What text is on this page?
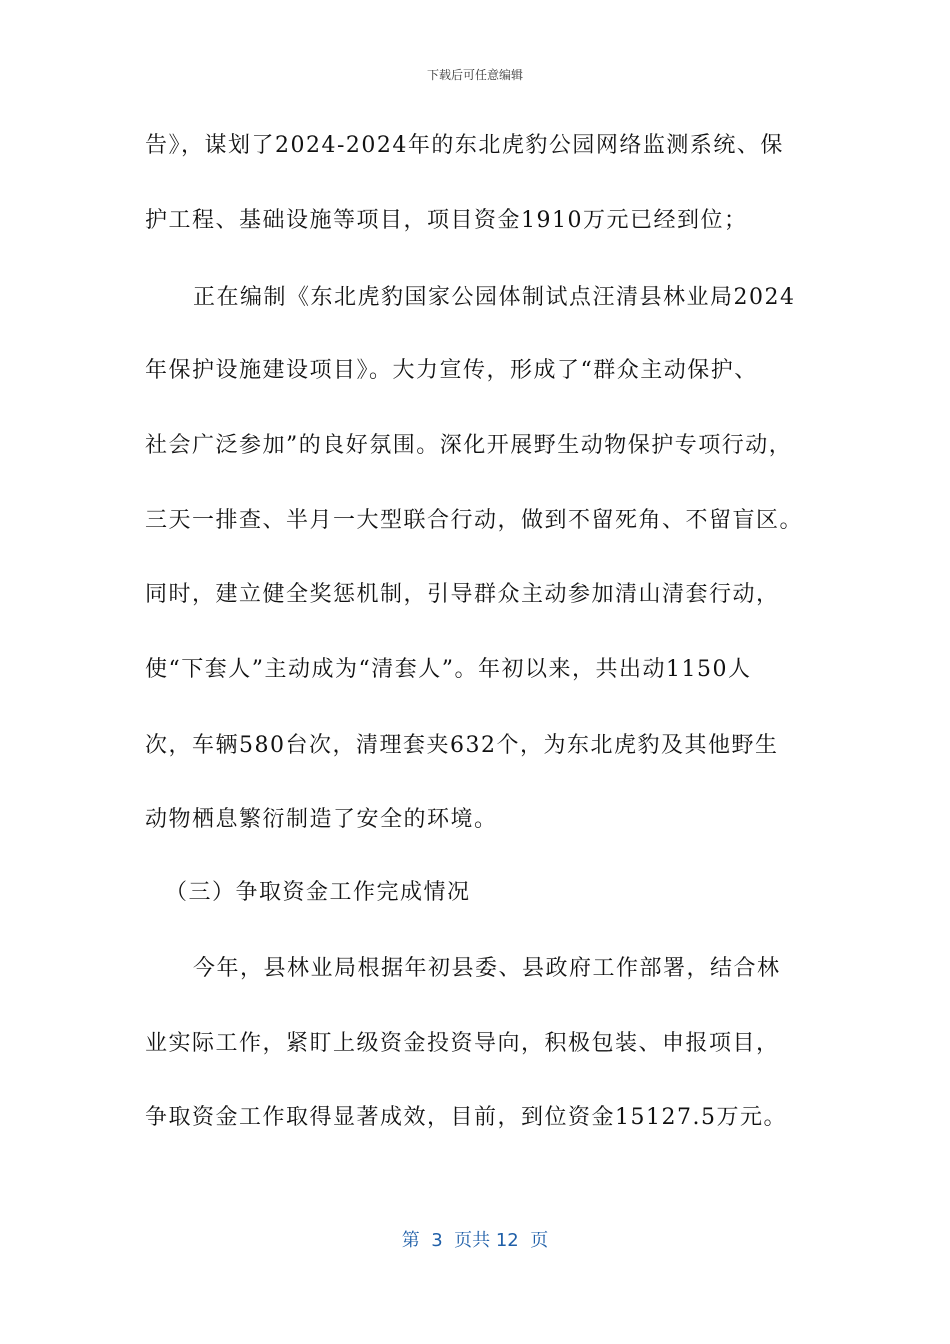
下载后可任意编辑
告》，谋划了2024-2024年的东北虎豹公园网络监测系统、保
护工程、基础设施等项目，项目资金1910万元已经到位；
正在编制《东北虎豹国家公园体制试点汪清县林业局2024
年保护设施建设项目》。大力宣传，形成了“群众主动保护、
社会广泛参加”的良好氛围。深化开展野生动物保护专项行动，
三天一排查、半月一大型联合行动，做到不留死角、不留盲区。
同时，建立健全奖惩机制，引导群众主动参加清山清套行动，
使“下套人”主动成为“清套人”。年初以来，共出动1150人
次，车辆580台次，清理套夹632个，为东北虎豹及其他野生
动物栖息繁衍制造了安全的环境。
（三）争取资金工作完成情况
今年，县林业局根据年初县委、县政府工作部署，结合林
业实际工作，紧盯上级资金投资导向，积极包装、申报项目，
争取资金工作取得显著成效，目前，到位资金15127.5万元。
第  3  页共 12  页
